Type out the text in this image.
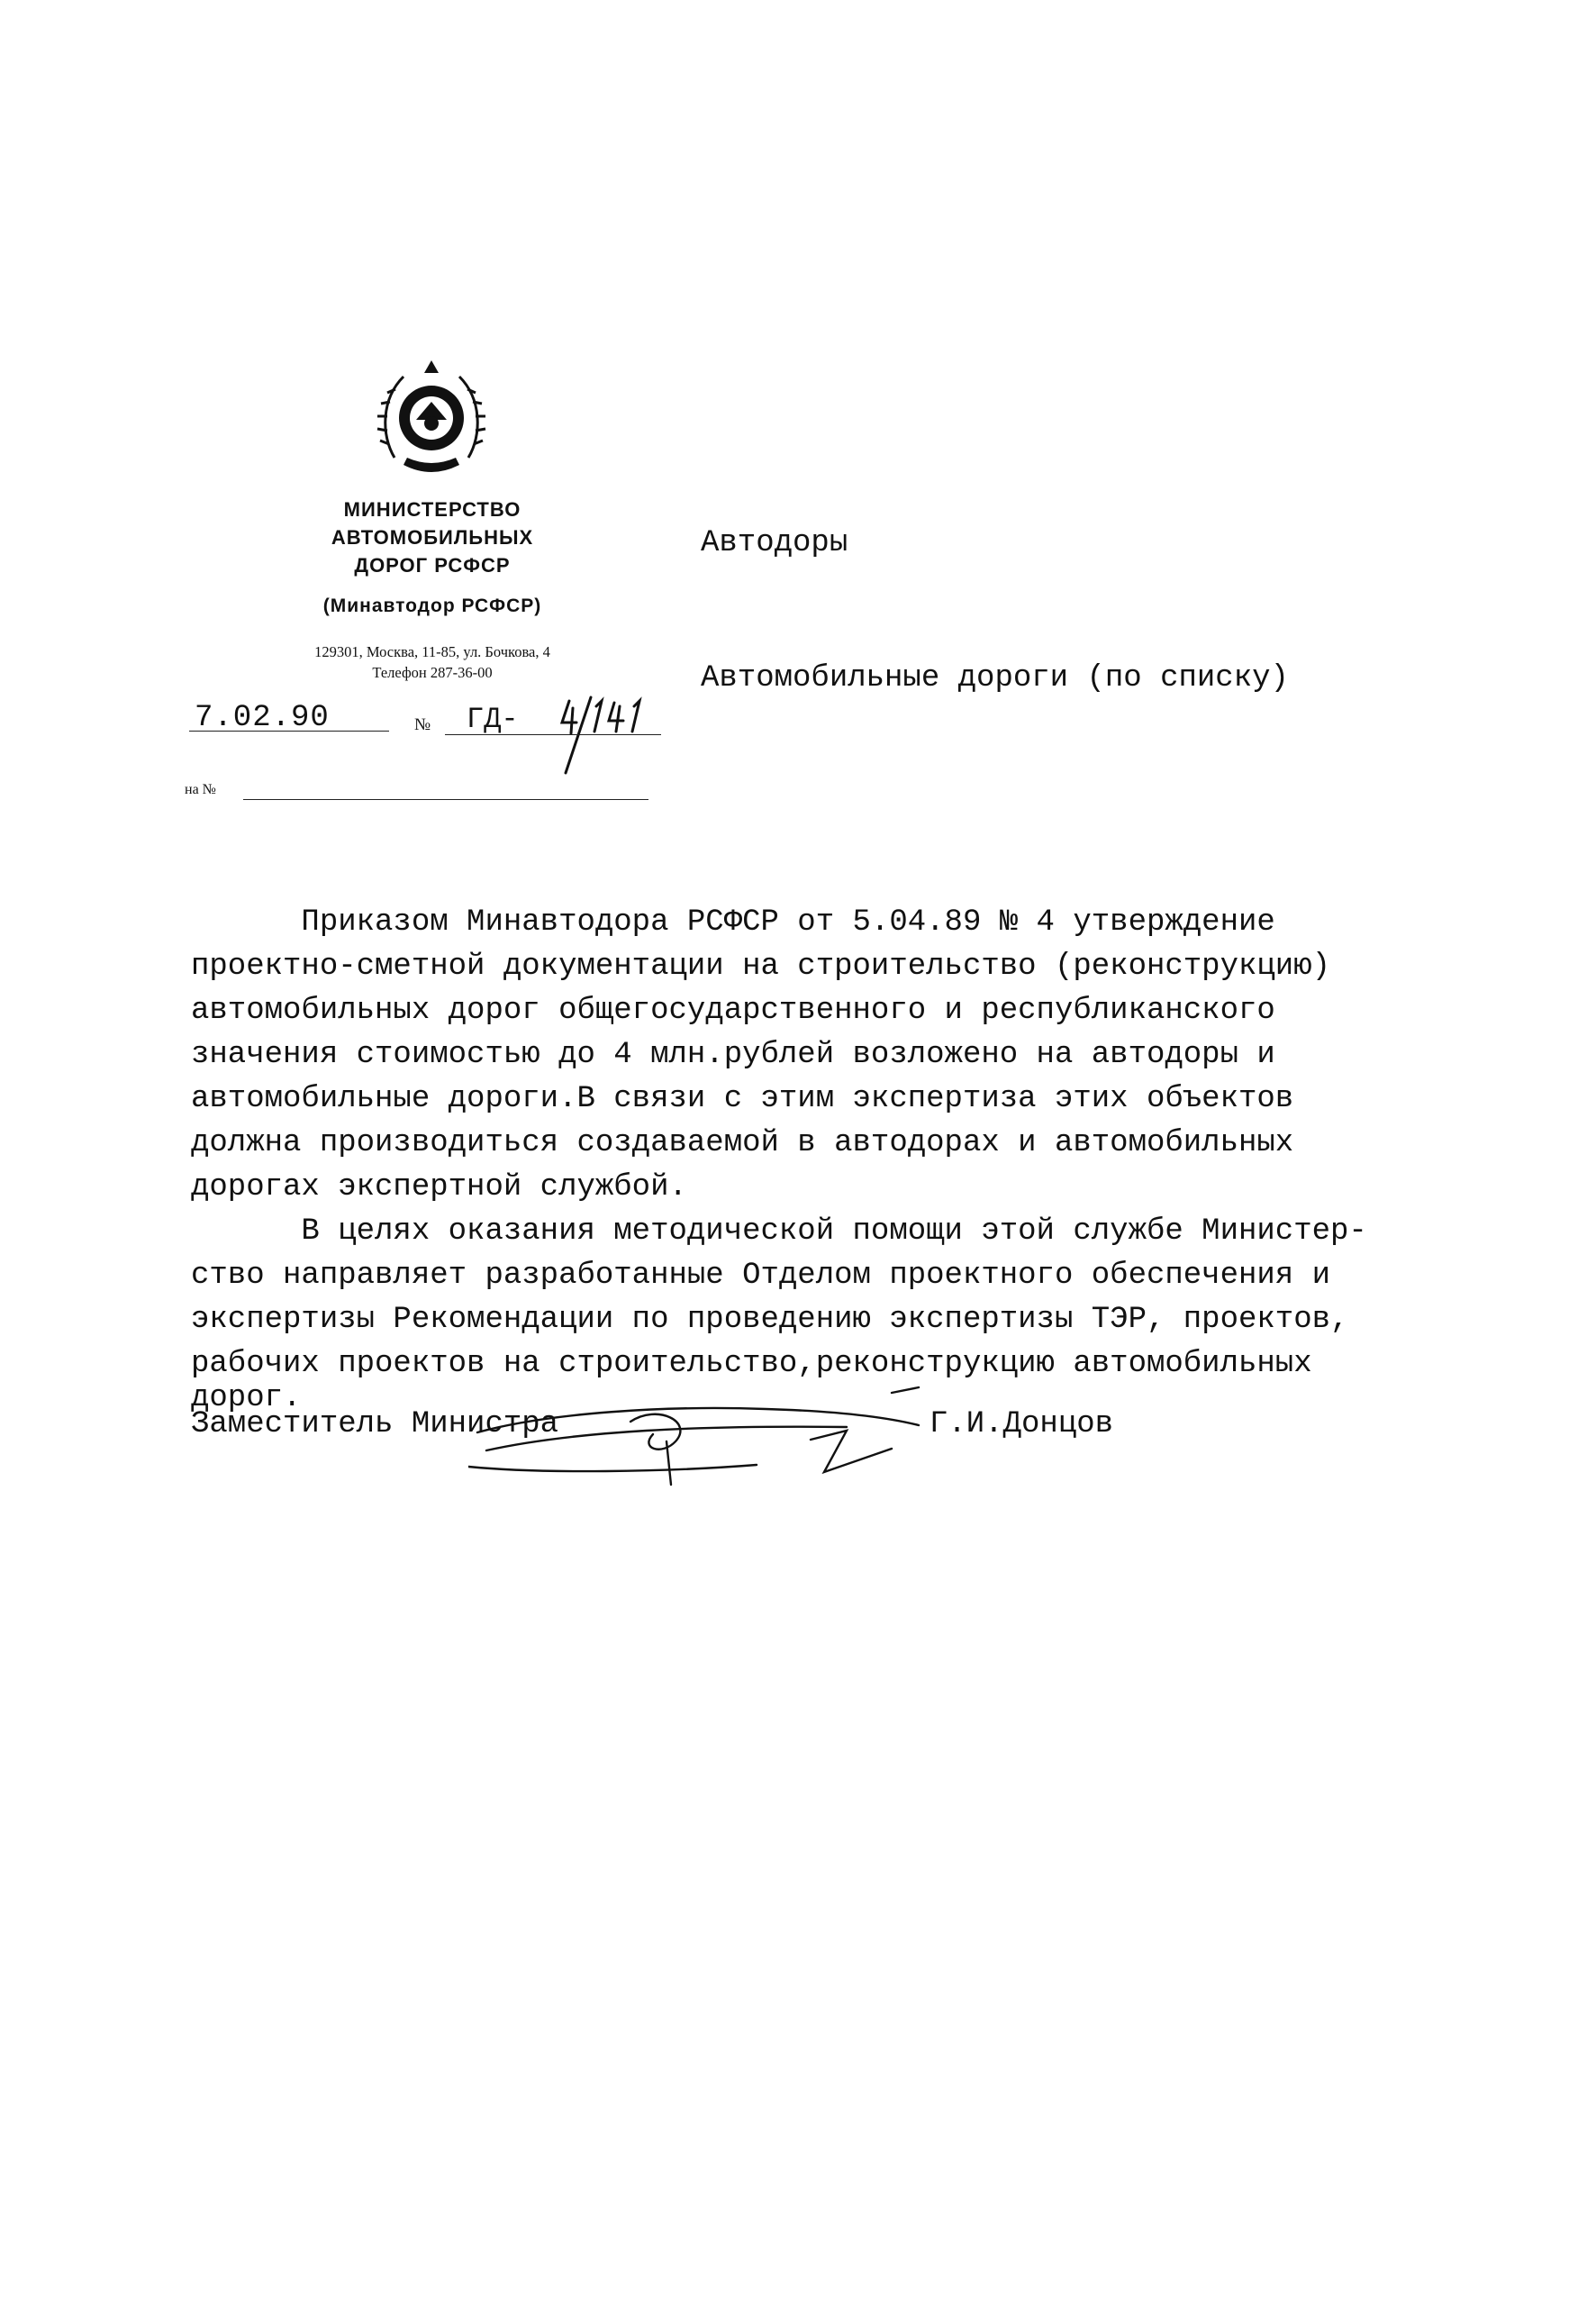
МИНИСТЕРСТВО
АВТОМОБИЛЬНЫХ
ДОРОГ РСФСР
(Минавтодор РСФСР)
129301, Москва, 11-85, ул. Бочкова, 4
Телефон 287-36-00
7.02.90	№ ГД-
на №

Автодоры

Автомобильные дороги (по списку)

Приказом Минавтодора РСФСР от 5.04.89 № 4 утверждение

проектно-сметной документации на строительство (реконструкцию)

автомобильных дорог общегосударственного и республиканского

значения стоимостью до 4 млн.рублей возложено на автодоры и

автомобильные дороги.В связи с этим экспертиза этих объектов

должна производиться создаваемой в автодорах и автомобильных

дорогах экспертной службой.

В целях оказания методической помощи этой службе Министер-

ство направляет разработанные Отделом проектного обеспечения и

экспертизы Рекомендации по проведению экспертизы ТЭР, проектов,

рабочих проектов на строительство,реконструкцию автомобильных

дорог.

Заместитель Министра	Г.И.Донцов
